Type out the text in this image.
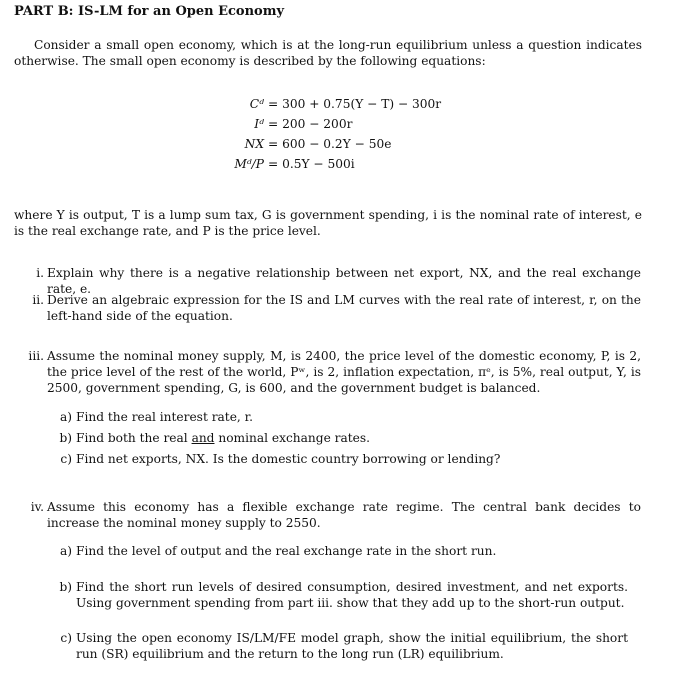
PART B: IS-LM for an Open Economy
Consider a small open economy, which is at the long-run equilibrium unless a question indicates otherwise. The small open economy is described by the following equations:
Cᵈ = 300 + 0.75(Y − T) − 300r
Iᵈ = 200 − 200r
NX = 600 − 0.2Y − 50e
Mᵈ/P = 0.5Y − 500i
where Y is output, T is a lump sum tax, G is government spending, i is the nominal rate of interest, e is the real exchange rate, and P is the price level.
i. Explain why there is a negative relationship between net export, NX, and the real exchange rate, e.
ii. Derive an algebraic expression for the IS and LM curves with the real rate of interest, r, on the left-hand side of the equation.
iii. Assume the nominal money supply, M, is 2400, the price level of the domestic economy, P, is 2, the price level of the rest of the world, Pʷ, is 2, inflation expectation, πᵉ, is 5%, real output, Y, is 2500, government spending, G, is 600, and the government budget is balanced.
a) Find the real interest rate, r.
b) Find both the real and nominal exchange rates.
c) Find net exports, NX. Is the domestic country borrowing or lending?
iv. Assume this economy has a flexible exchange rate regime. The central bank decides to increase the nominal money supply to 2550.
a) Find the level of output and the real exchange rate in the short run.
b) Find the short run levels of desired consumption, desired investment, and net exports. Using government spending from part iii. show that they add up to the short-run output.
c) Using the open economy IS/LM/FE model graph, show the initial equilibrium, the short run (SR) equilibrium and the return to the long run (LR) equilibrium.
